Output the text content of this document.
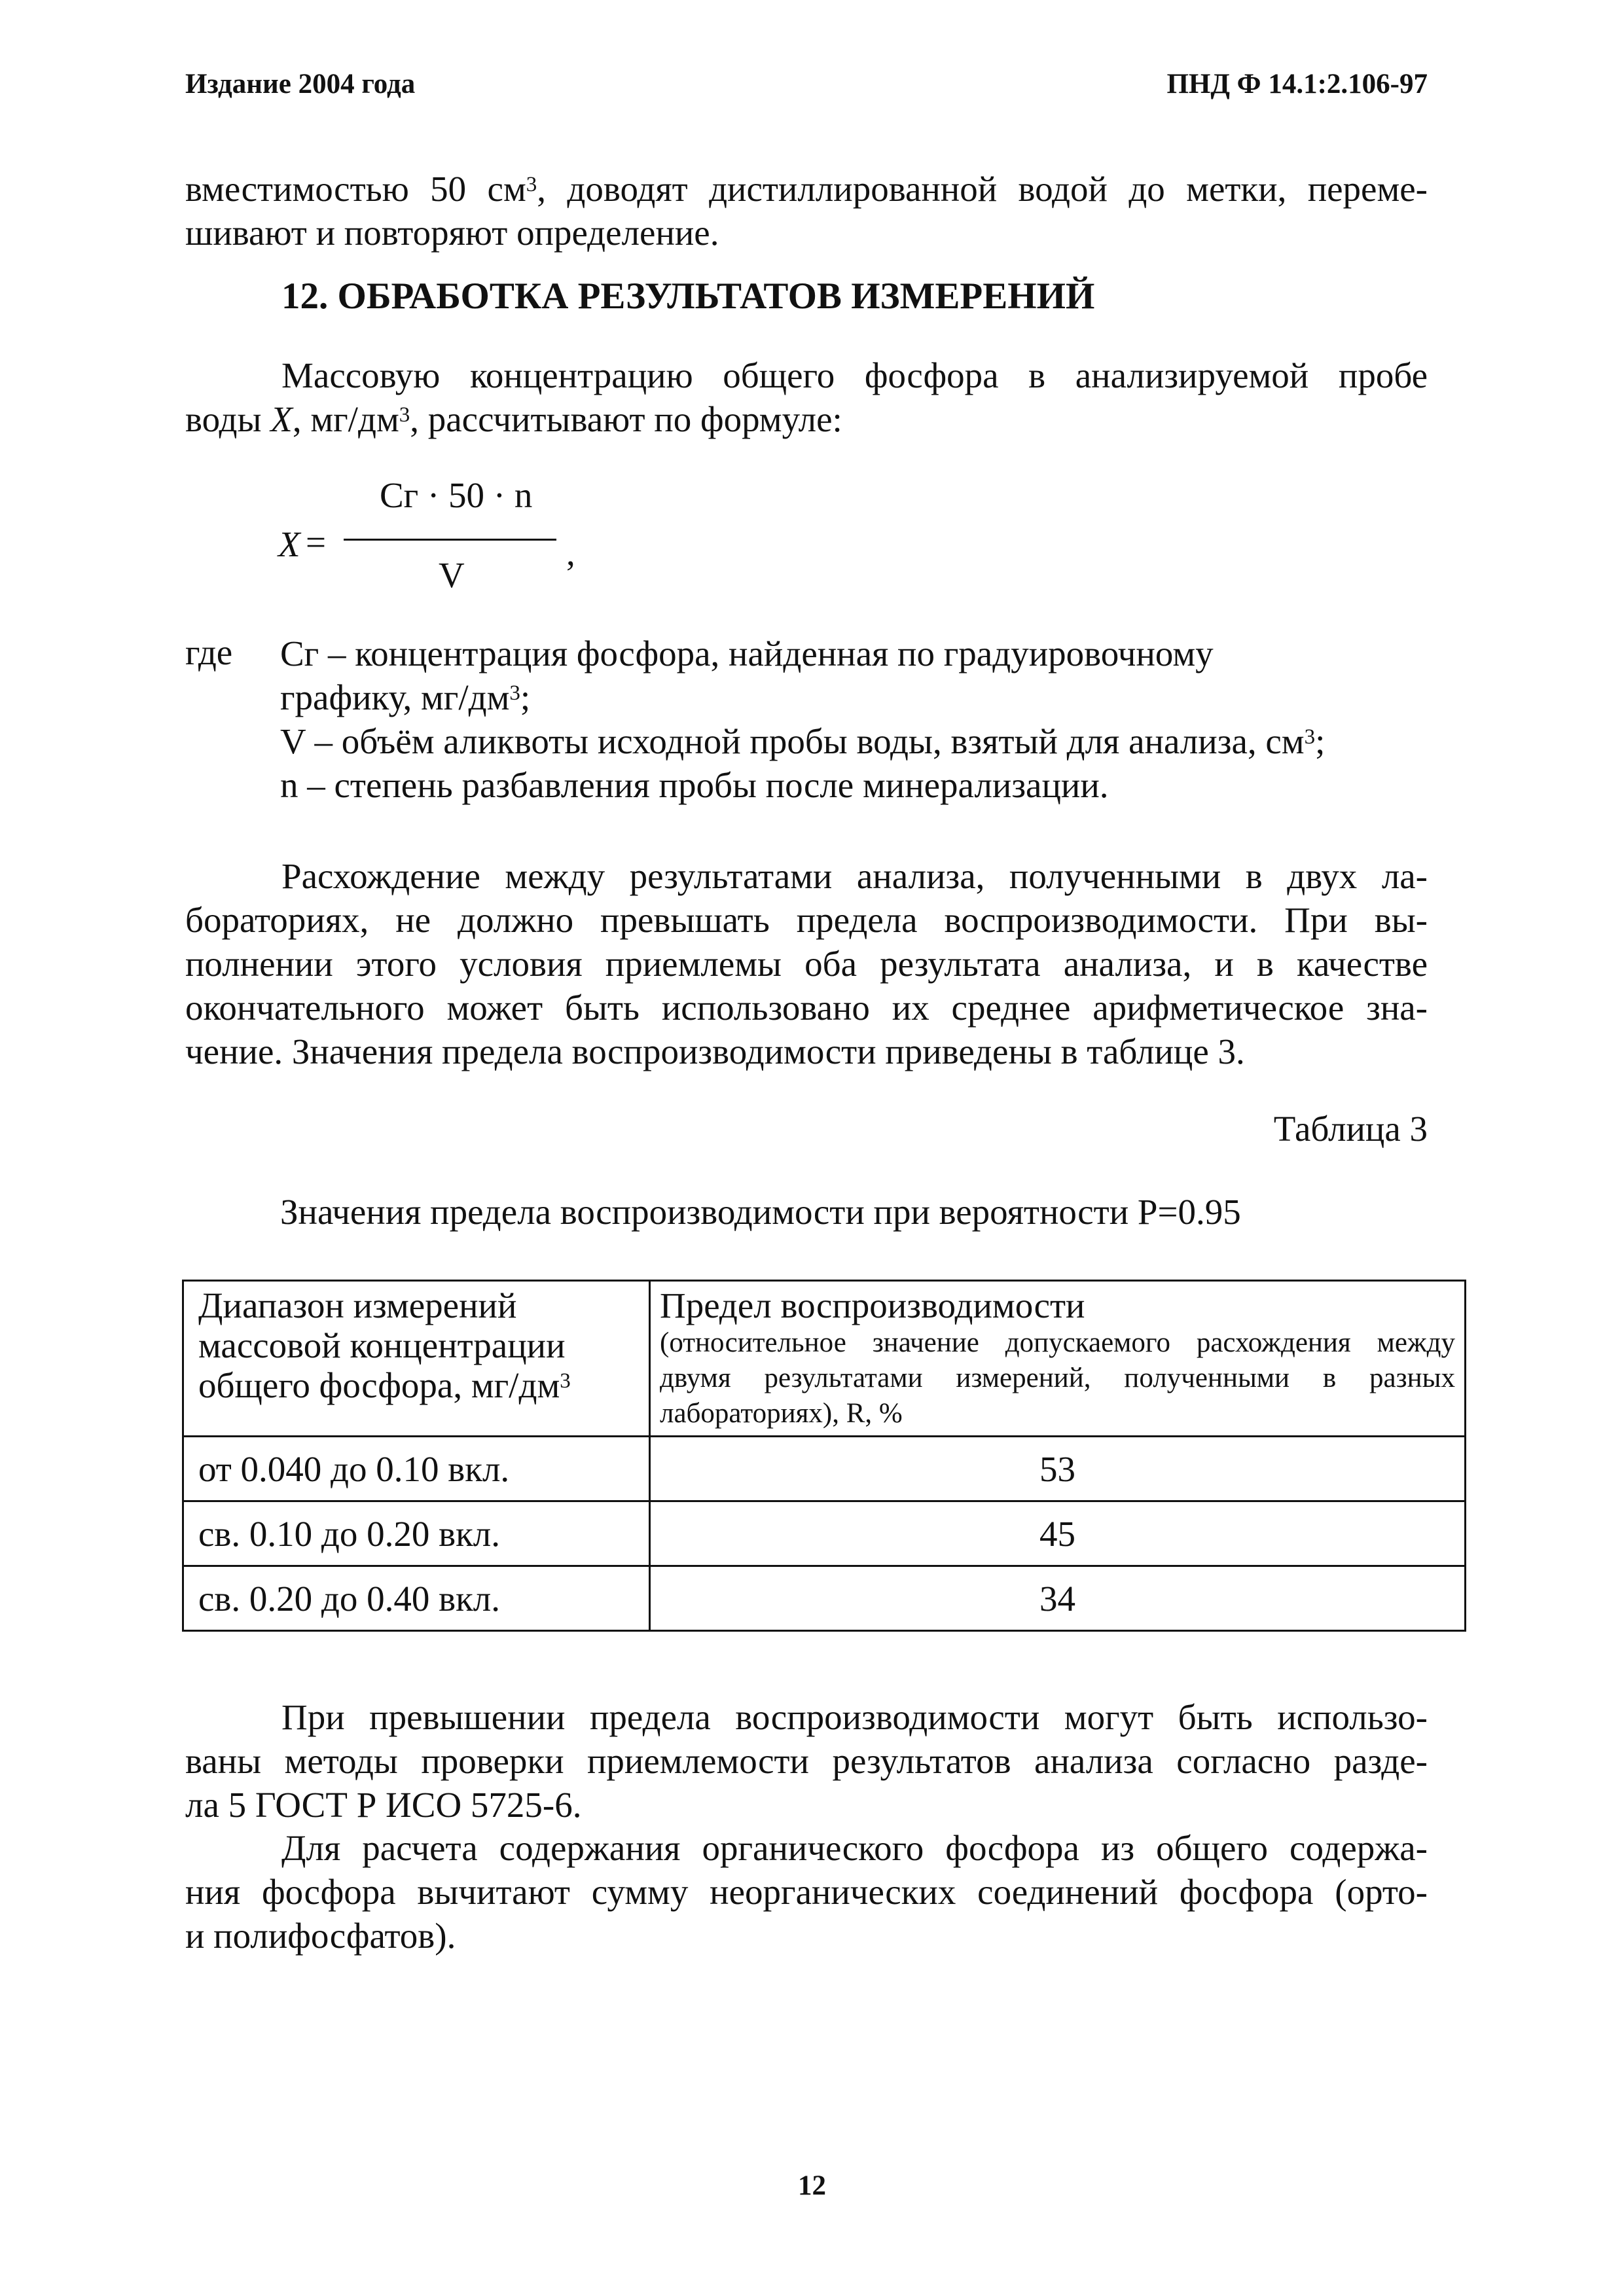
Издание 2004 года	ПНД Ф 14.1:2.106-97
вместимостью 50 $см^3$, доводят дистиллированной водой до метки, переме-
шивают и повторяют определение.
12. ОБРАБОТКА РЕЗУЛЬТАТОВ ИЗМЕРЕНИЙ
Массовую концентрацию общего фосфора в анализируемой пробе
воды X, $мг/дм^3$, рассчитывают по формуле:
X =
Сг · 50 · n
,
V
где Сг – концентрация фосфора, найденная по градуировочному
графику, $мг/дм^3$;
V – объём аликвоты исходной пробы воды, взятый для анализа, $см^3$;
n – степень разбавления пробы после минерализации.
Расхождение между результатами анализа, полученными в двух ла-
бораториях, не должно превышать предела воспроизводимости. При вы-
полнении этого условия приемлемы оба результата анализа, и в качестве
окончательного может быть использовано их среднее арифметическое зна-
чение. Значения предела воспроизводимости приведены в таблице 3.
Таблица 3
Значения предела воспроизводимости при вероятности P=0.95
Диапазон измерений массовой концентрации общего фосфора, $мг/дм^3$	Предел воспроизводимости
(относительное значение допускаемого расхождения между двумя результатами измерений, полученными в разных лабораториях), R, %

от 0.040 до 0.10 вкл.	53
св. 0.10 до 0.20 вкл.	45
св. 0.20 до 0.40 вкл.	34
При превышении предела воспроизводимости могут быть использо-
ваны методы проверки приемлемости результатов анализа согласно разде-
ла 5 ГОСТ Р ИСО 5725-6.
Для расчета содержания органического фосфора из общего содержа-
ния фосфора вычитают сумму неорганических соединений фосфора (орто-
и полифосфатов).
12
